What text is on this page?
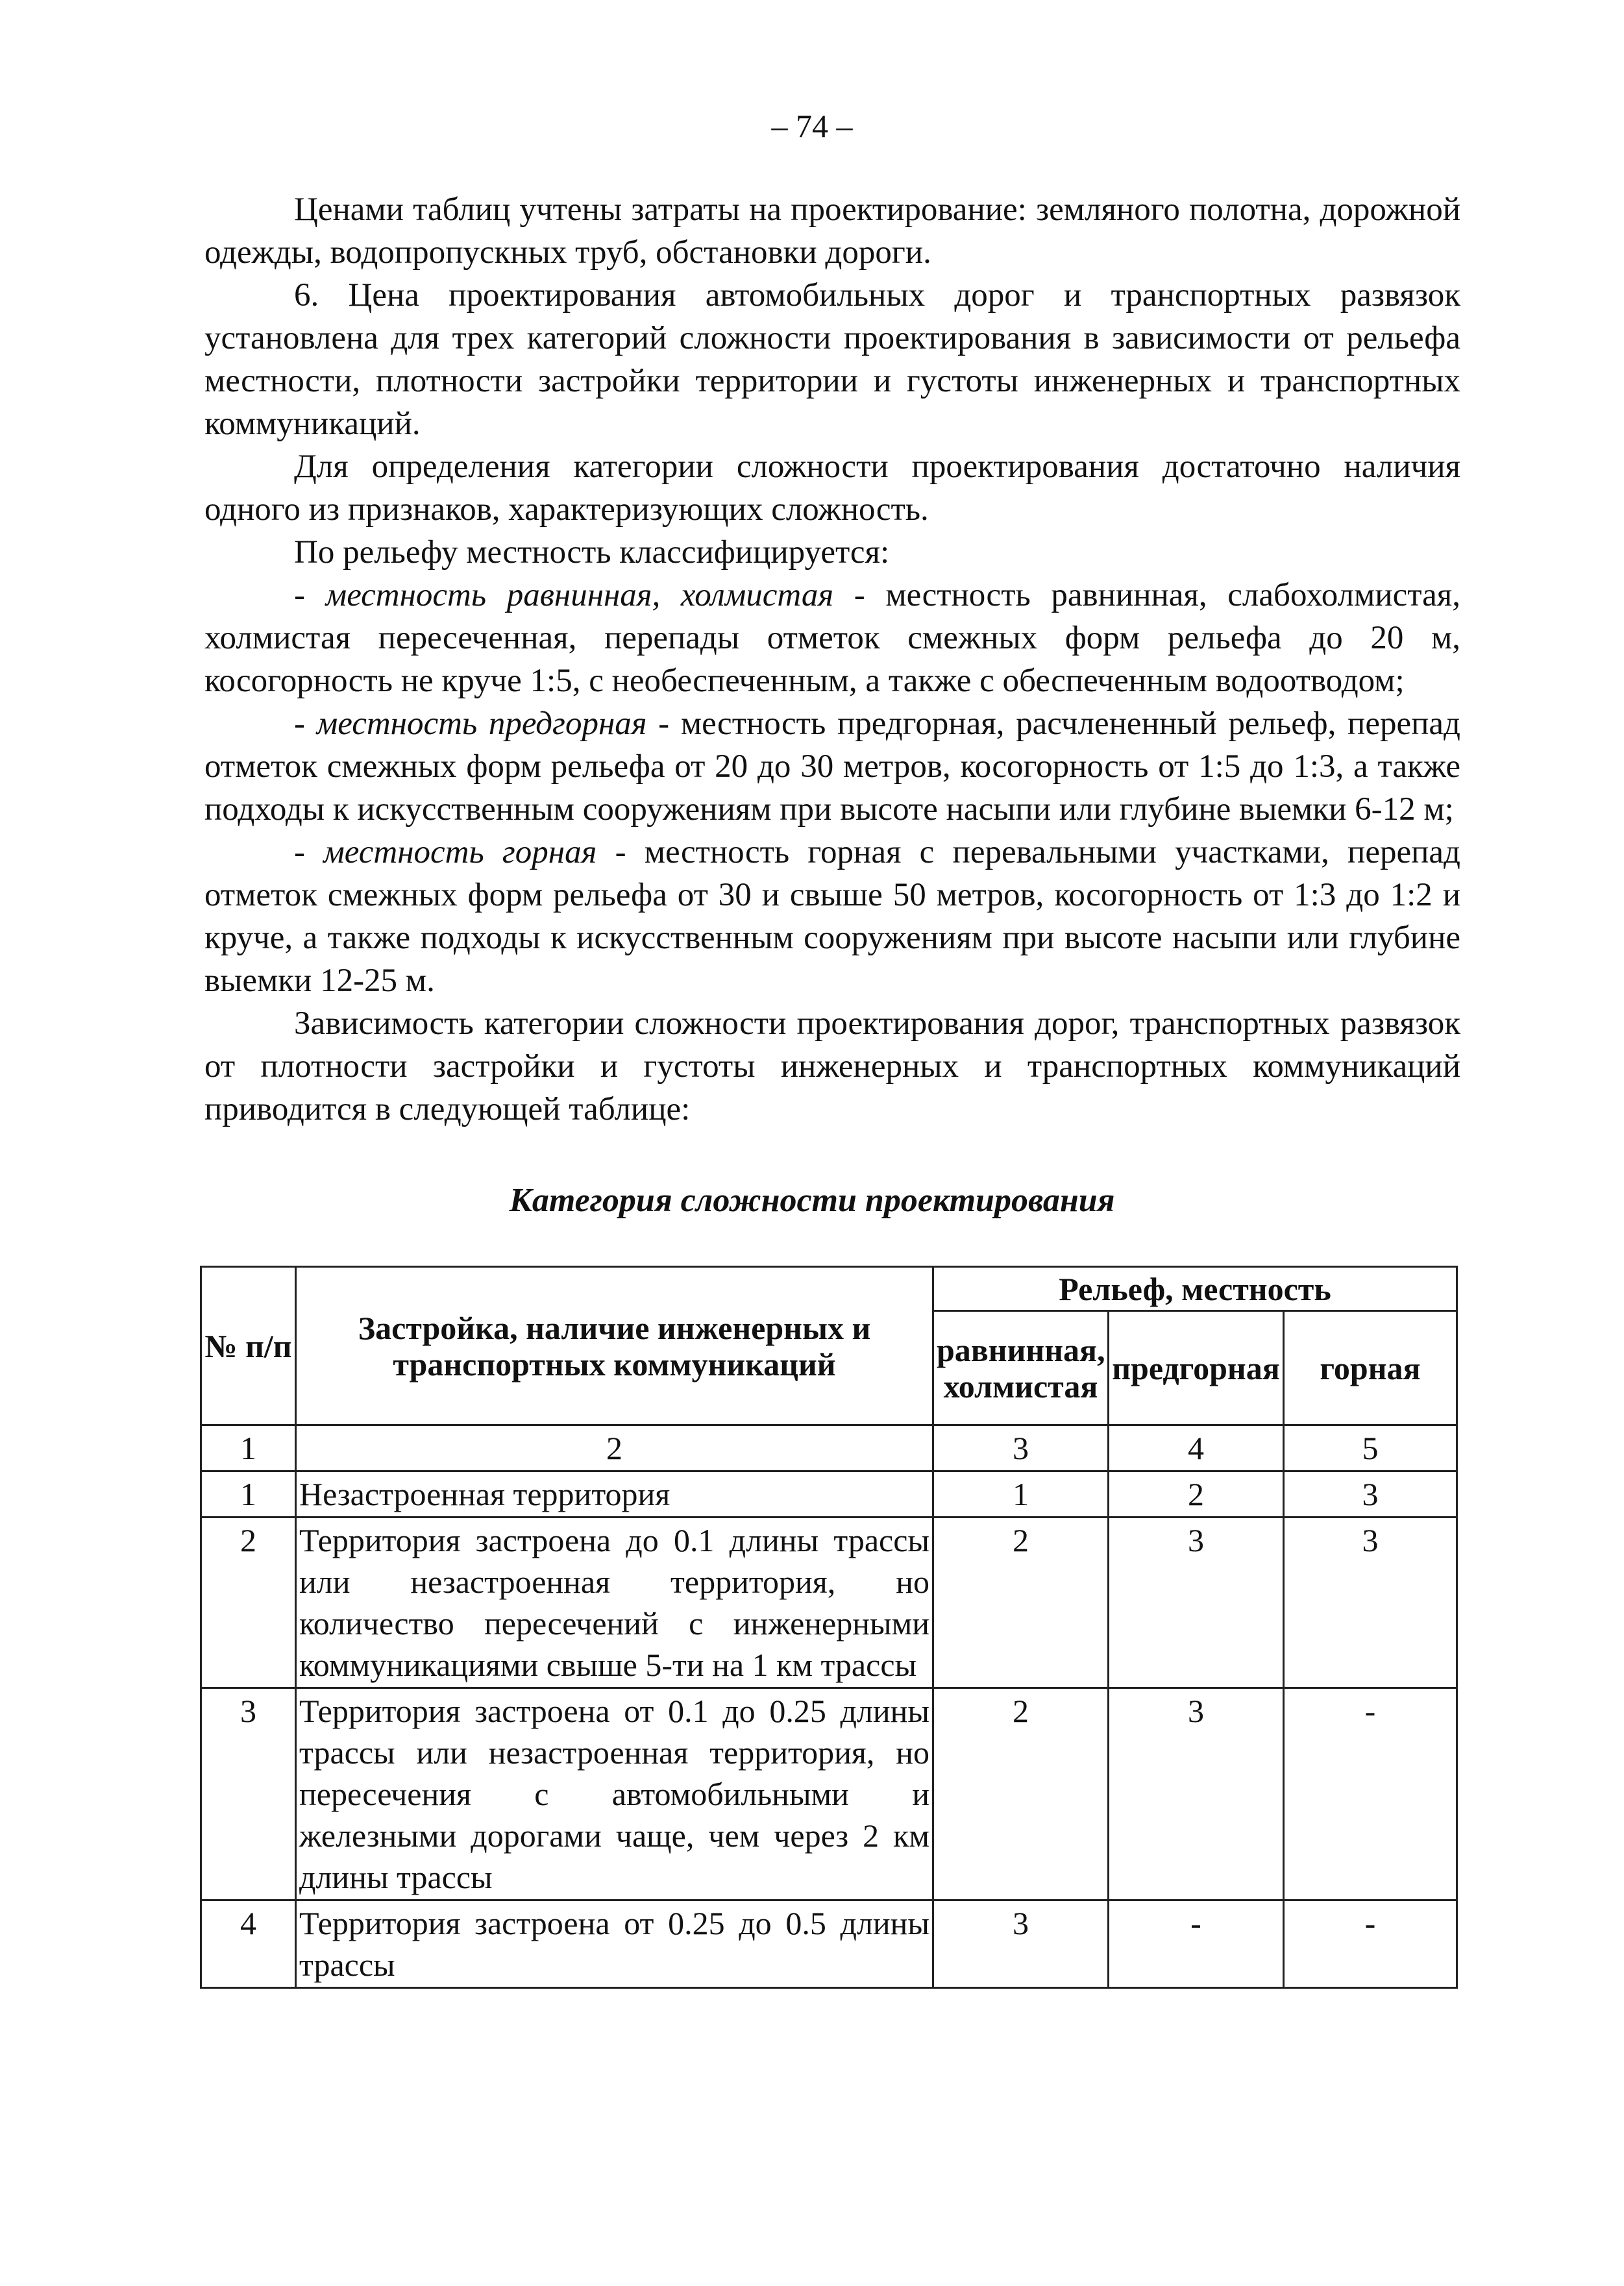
– 74 –

Ценами таблиц учтены затраты на проектирование: земляного полотна, дорожной одежды, водопропускных труб, обстановки дороги.

6. Цена проектирования автомобильных дорог и транспортных развязок установлена для трех категорий сложности проектирования в зависимости от рельефа местности, плотности застройки территории и густоты инженерных и транспортных коммуникаций.

Для определения категории сложности проектирования достаточно наличия одного из признаков, характеризующих сложность.

По рельефу местность классифицируется:

- местность равнинная, холмистая - местность равнинная, слабохолмистая, холмистая пересеченная, перепады отметок смежных форм рельефа до 20 м, косогорность не круче 1:5, с необеспеченным, а также с обеспеченным водоотводом;

- местность предгорная - местность предгорная, расчлененный рельеф, перепад отметок смежных форм рельефа от 20 до 30 метров, косогорность от 1:5 до 1:3, а также подходы к искусственным сооружениям при высоте насыпи или глубине выемки 6-12 м;

- местность горная - местность горная с перевальными участками, перепад отметок смежных форм рельефа от 30 и свыше 50 метров, косогорность от 1:3 до 1:2 и круче, а также подходы к искусственным сооружениям при высоте насыпи или глубине выемки 12-25 м.

Зависимость категории сложности проектирования дорог, транспортных развязок от плотности застройки и густоты инженерных и транспортных коммуникаций приводится в следующей таблице:

Категория сложности проектирования
№ п/п	Застройка, наличие инженерных и транспортных коммуникаций	Рельеф, местность		
		равнинная, холмистая	предгорная	горная
1	2	3	4	5
1	Незастроенная территория	1	2	3
2	Территория застроена до 0.1 длины трассы или незастроенная территория, но количество пересечений с инженерными коммуникациями свыше 5-ти на 1 км трассы	2	3	3
3	Территория застроена от 0.1 до 0.25 длины трассы или незастроенная территория, но пересечения с автомобильными и железными дорогами чаще, чем через 2 км длины трассы	2	3	-
4	Территория застроена от 0.25 до 0.5 длины трассы	3	-	-
